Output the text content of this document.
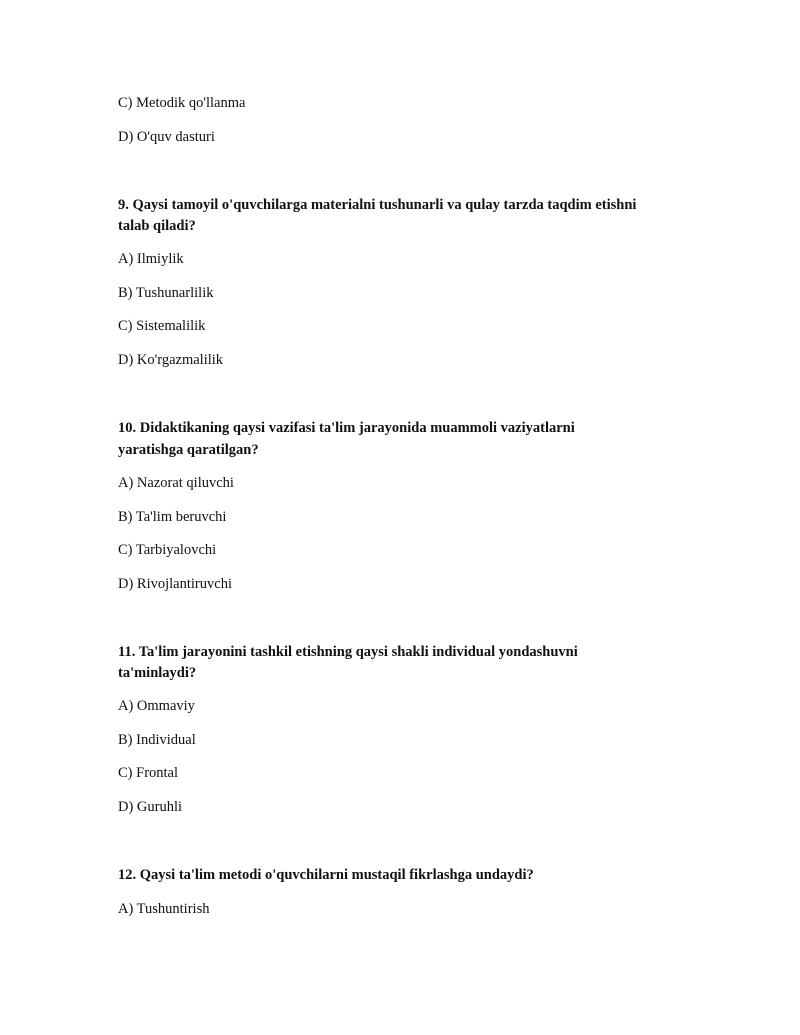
C) Metodik qo'llanma
D) O'quv dasturi
9. Qaysi tamoyil o'quvchilarga materialni tushunarli va qulay tarzda taqdim etishni
talab qiladi?
A) Ilmiylik
B) Tushunarlilik
C) Sistemalilik
D) Ko'rgazmalilik
10. Didaktikaning qaysi vazifasi ta'lim jarayonida muammoli vaziyatlarni
yaratishga qaratilgan?
A) Nazorat qiluvchi
B) Ta'lim beruvchi
C) Tarbiyalovchi
D) Rivojlantiruvchi
11. Ta'lim jarayonini tashkil etishning qaysi shakli individual yondashuvni
ta'minlaydi?
A) Ommaviy
B) Individual
C) Frontal
D) Guruhli
12. Qaysi ta'lim metodi o'quvchilarni mustaqil fikrlashga undaydi?
A) Tushuntirish
